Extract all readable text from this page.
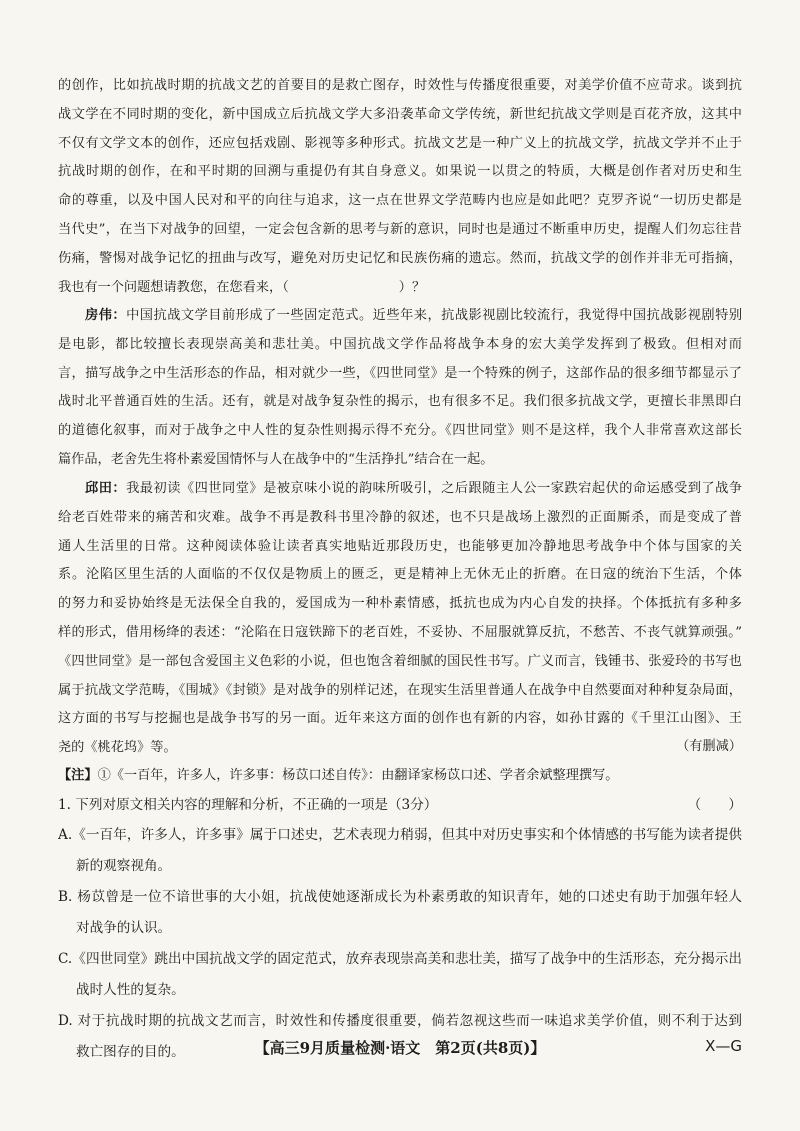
的创作，比如抗战时期的抗战文艺的首要目的是救亡图存，时效性与传播度很重要，对美学价值不应苛求。谈到抗
战文学在不同时期的变化，新中国成立后抗战文学大多沿袭革命文学传统，新世纪抗战文学则是百花齐放，这其中
不仅有文学文本的创作，还应包括戏剧、影视等多种形式。抗战文艺是一种广义上的抗战文学，抗战文学并不止于
抗战时期的创作，在和平时期的回溯与重提仍有其自身意义。如果说一以贯之的特质，大概是创作者对历史和生
命的尊重，以及中国人民对和平的向往与追求，这一点在世界文学范畴内也应是如此吧？克罗齐说“一切历史都是
当代史”，在当下对战争的回望，一定会包含新的思考与新的意识，同时也是通过不断重申历史，提醒人们勿忘往昔
伤痛，警惕对战争记忆的扭曲与改写，避免对历史记忆和民族伤痛的遗忘。然而，抗战文学的创作并非无可指摘，
我也有一个问题想请教您，在您看来，（	）？
房伟：中国抗战文学目前形成了一些固定范式。近些年来，抗战影视剧比较流行，我觉得中国抗战影视剧特别
是电影，都比较擅长表现崇高美和悲壮美。中国抗战文学作品将战争本身的宏大美学发挥到了极致。但相对而
言，描写战争之中生活形态的作品，相对就少一些，《四世同堂》是一个特殊的例子，这部作品的很多细节都显示了
战时北平普通百姓的生活。还有，就是对战争复杂性的揭示，也有很多不足。我们很多抗战文学，更擅长非黑即白
的道德化叙事，而对于战争之中人性的复杂性则揭示得不充分。《四世同堂》则不是这样，我个人非常喜欢这部长
篇作品，老舍先生将朴素爱国情怀与人在战争中的“生活挣扎”结合在一起。
邱田：我最初读《四世同堂》是被京味小说的韵味所吸引，之后跟随主人公一家跌宕起伏的命运感受到了战争
给老百姓带来的痛苦和灾难。战争不再是教科书里冷静的叙述，也不只是战场上激烈的正面厮杀，而是变成了普
通人生活里的日常。这种阅读体验让读者真实地贴近那段历史，也能够更加冷静地思考战争中个体与国家的关
系。沦陷区里生活的人面临的不仅仅是物质上的匮乏，更是精神上无休无止的折磨。在日寇的统治下生活，个体
的努力和妥协始终是无法保全自我的，爱国成为一种朴素情感，抵抗也成为内心自发的抉择。个体抵抗有多种多
样的形式，借用杨绛的表述：“沦陷在日寇铁蹄下的老百姓，不妥协、不屈服就算反抗，不愁苦、不丧气就算顽强。”
《四世同堂》是一部包含爱国主义色彩的小说，但也饱含着细腻的国民性书写。广义而言，钱锺书、张爱玲的书写也
属于抗战文学范畴，《围城》《封锁》是对战争的别样记述，在现实生活里普通人在战争中自然要面对种种复杂局面，
这方面的书写与挖掘也是战争书写的另一面。近年来这方面的创作也有新的内容，如孙甘露的《千里江山图》、王
尧的《桃花坞》等。	（有删减）
【注】①《一百年，许多人，许多事：杨苡口述自传》：由翻译家杨苡口述、学者余斌整理撰写。
1. 下列对原文相关内容的理解和分析，不正确的一项是（3分）	（　　）
A.《一百年，许多人，许多事》属于口述史，艺术表现力稍弱，但其中对历史事实和个体情感的书写能为读者提供
新的观察视角。
B. 杨苡曾是一位不谙世事的大小姐，抗战使她逐渐成长为朴素勇敢的知识青年，她的口述史有助于加强年轻人
对战争的认识。
C.《四世同堂》跳出中国抗战文学的固定范式，放弃表现崇高美和悲壮美，描写了战争中的生活形态，充分揭示出
战时人性的复杂。
D. 对于抗战时期的抗战文艺而言，时效性和传播度很重要，倘若忽视这些而一味追求美学价值，则不利于达到
救亡图存的目的。	【高三9月质量检测·语文　第2页(共8页)】	X—G
